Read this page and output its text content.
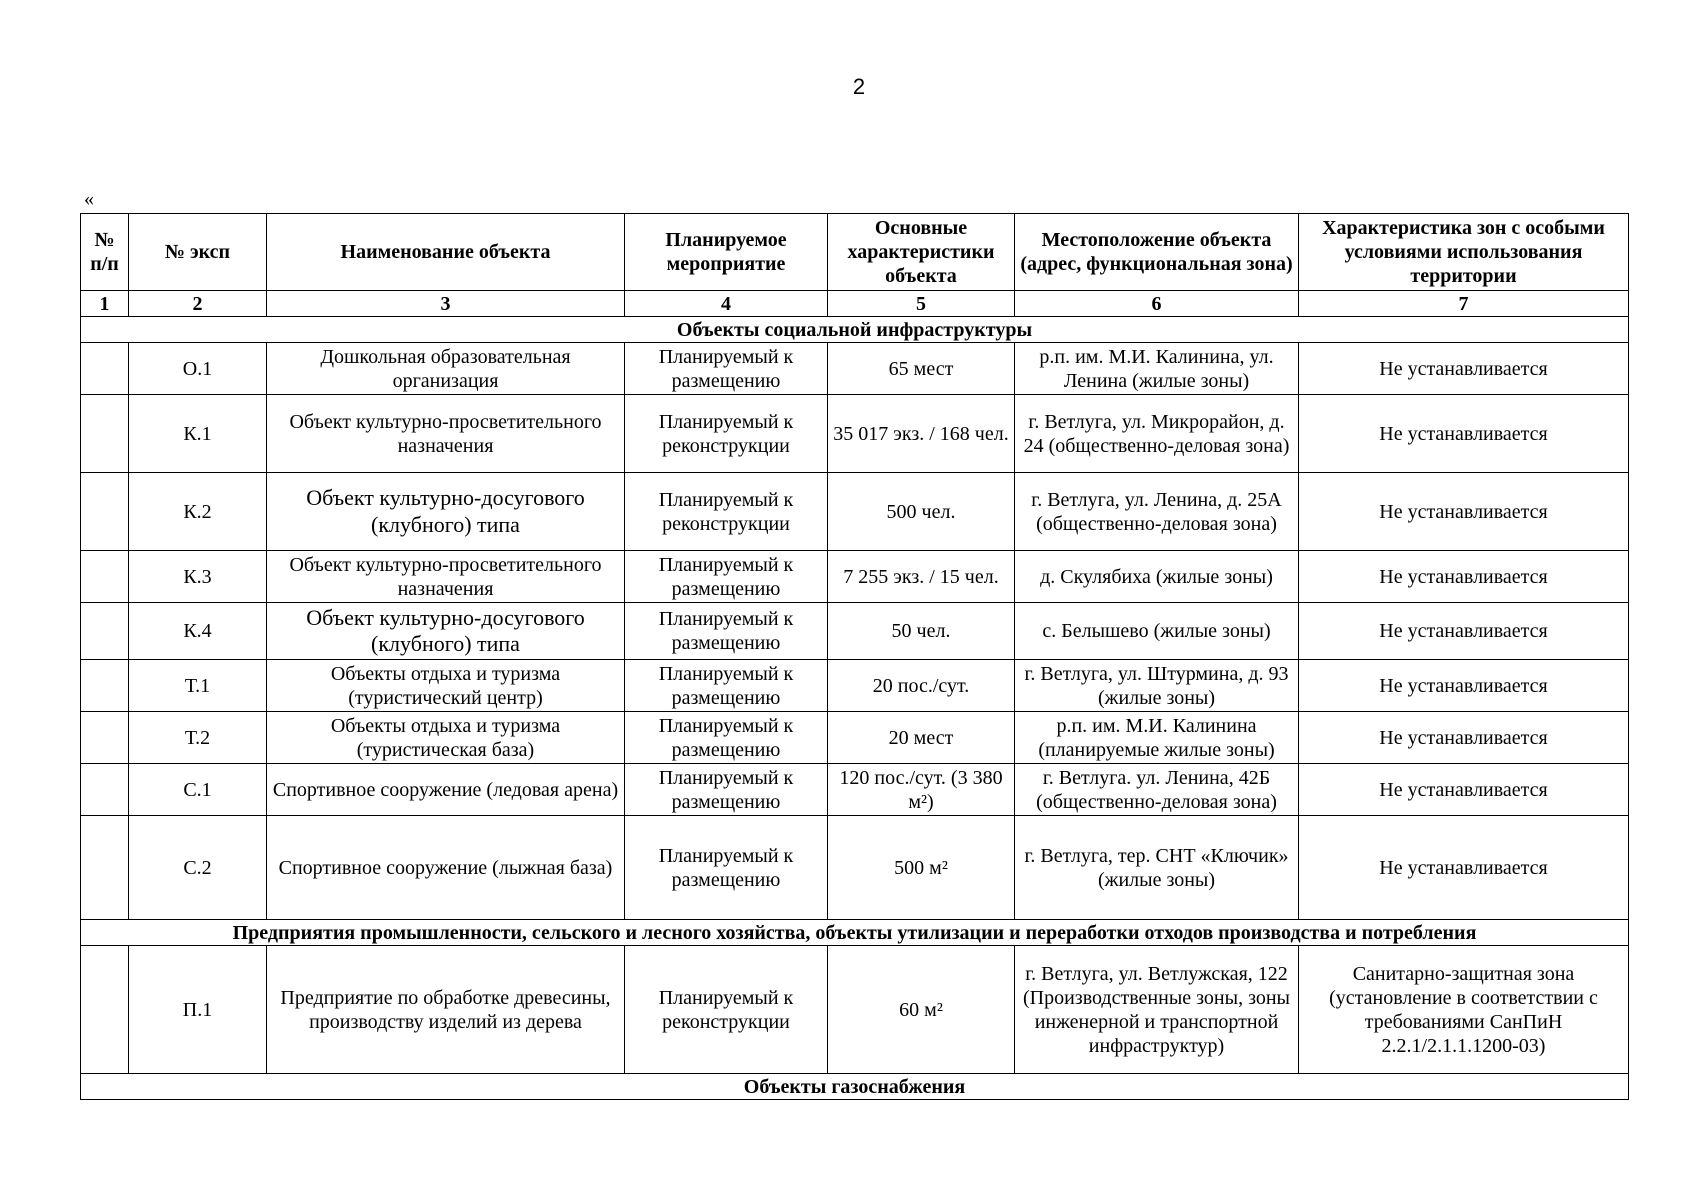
2
«
№ п/п	№ эксп	Наименование объекта	Планируемое мероприятие	Основные характеристики объекта	Местоположение объекта (адрес, функциональная зона)	Характеристика зон с особыми условиями использования территории
1	2	3	4	5	6	7
Объекты социальной инфраструктуры						
	О.1	Дошкольная образовательная организация	Планируемый к размещению	65 мест	р.п. им. М.И. Калинина, ул. Ленина (жилые зоны)	Не устанавливается
	К.1	Объект культурно-просветительного назначения	Планируемый к реконструкции	35 017 экз. / 168 чел.	г. Ветлуга, ул. Микрорайон, д. 24 (общественно-деловая зона)	Не устанавливается
	К.2	Объект культурно-досугового (клубного) типа	Планируемый к реконструкции	500 чел.	г. Ветлуга, ул. Ленина, д. 25А (общественно-деловая зона)	Не устанавливается
	К.3	Объект культурно-просветительного назначения	Планируемый к размещению	7 255 экз. / 15 чел.	д. Скулябиха (жилые зоны)	Не устанавливается
	К.4	Объект культурно-досугового (клубного) типа	Планируемый к размещению	50 чел.	с. Белышево (жилые зоны)	Не устанавливается
	Т.1	Объекты отдыха и туризма (туристический центр)	Планируемый к размещению	20 пос./сут.	г. Ветлуга, ул. Штурмина, д. 93 (жилые зоны)	Не устанавливается
	Т.2	Объекты отдыха и туризма (туристическая база)	Планируемый к размещению	20 мест	р.п. им. М.И. Калинина (планируемые жилые зоны)	Не устанавливается
	С.1	Спортивное сооружение (ледовая арена)	Планируемый к размещению	120 пос./сут. (3 380 м²)	г. Ветлуга. ул. Ленина, 42Б (общественно-деловая зона)	Не устанавливается
	С.2	Спортивное сооружение (лыжная база)	Планируемый к размещению	500 м²	г. Ветлуга, тер. СНТ «Ключик» (жилые зоны)	Не устанавливается
Предприятия промышленности, сельского и лесного хозяйства, объекты утилизации и переработки отходов производства и потребления						
	П.1	Предприятие по обработке древесины, производству изделий из дерева	Планируемый к реконструкции	60 м²	г. Ветлуга, ул. Ветлужская, 122 (Производственные зоны, зоны инженерной и транспортной инфраструктур)	Санитарно-защитная зона (установление в соответствии с требованиями СанПиН 2.2.1/2.1.1.1200-03)
Объекты газоснабжения						
